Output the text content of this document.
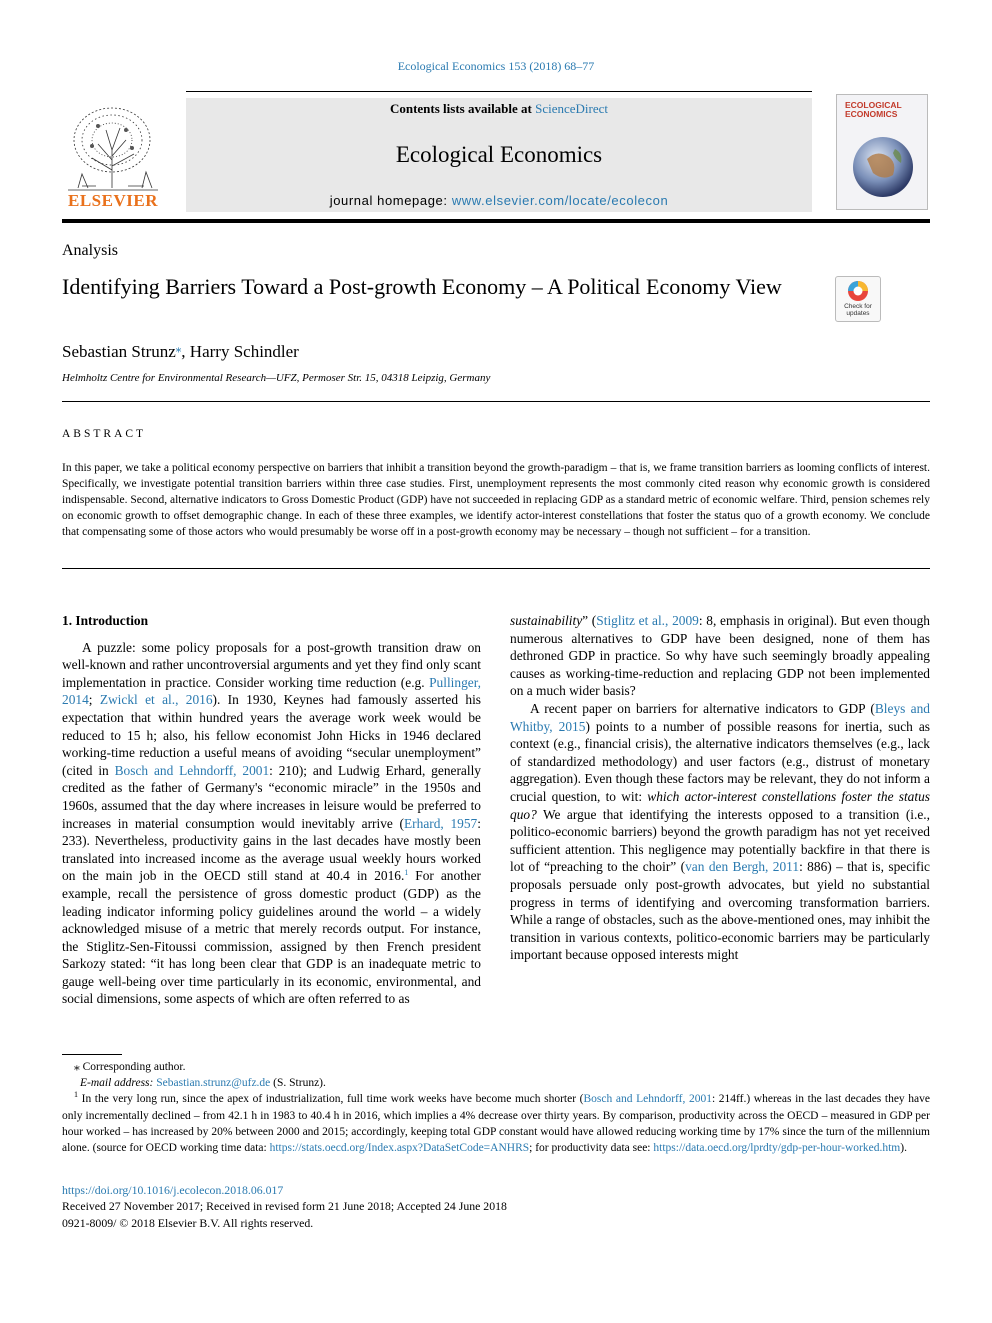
Ecological Economics 153 (2018) 68–77
ELSEVIER
Contents lists available at ScienceDirect
Ecological Economics
journal homepage: www.elsevier.com/locate/ecolecon
ECOLOGICAL
ECONOMICS
Analysis
Identifying Barriers Toward a Post-growth Economy – A Political Economy View
Check for
updates
Sebastian Strunz⁎, Harry Schindler
Helmholtz Centre for Environmental Research—UFZ, Permoser Str. 15, 04318 Leipzig, Germany
ABSTRACT
In this paper, we take a political economy perspective on barriers that inhibit a transition beyond the growth-paradigm – that is, we frame transition barriers as looming conflicts of interest. Specifically, we investigate potential transition barriers within three case studies. First, unemployment represents the most commonly cited reason why economic growth is considered indispensable. Second, alternative indicators to Gross Domestic Product (GDP) have not succeeded in replacing GDP as a standard metric of economic welfare. Third, pension schemes rely on economic growth to offset demographic change. In each of these three examples, we identify actor-interest constellations that foster the status quo of a growth economy. We conclude that compensating some of those actors who would presumably be worse off in a post-growth economy may be necessary – though not sufficient – for a transition.
1. Introduction

A puzzle: some policy proposals for a post-growth transition draw on well-known and rather uncontroversial arguments and yet they find only scant implementation in practice. Consider working time reduction (e.g. Pullinger, 2014; Zwickl et al., 2016). In 1930, Keynes had famously asserted his expectation that within hundred years the average work week would be reduced to 15 h; also, his fellow economist John Hicks in 1946 declared working-time reduction a useful means of avoiding “secular unemployment” (cited in Bosch and Lehndorff, 2001: 210); and Ludwig Erhard, generally credited as the father of Germany's “economic miracle” in the 1950s and 1960s, assumed that the day where increases in leisure would be preferred to increases in material consumption would inevitably arrive (Erhard, 1957: 233). Nevertheless, productivity gains in the last decades have mostly been translated into increased income as the average usual weekly hours worked on the main job in the OECD still stand at 40.4 in 2016.$^1$ For another example, recall the persistence of gross domestic product (GDP) as the leading indicator informing policy guidelines around the world – a widely acknowledged misuse of a metric that merely records output. For instance, the Stiglitz-Sen-Fitoussi commission, assigned by then French president Sarkozy stated: “it has long been clear that GDP is an inadequate metric to gauge well-being over time particularly in its economic, environmental, and social dimensions, some aspects of which are often referred to as

sustainability” (Stiglitz et al., 2009: 8, emphasis in original). But even though numerous alternatives to GDP have been designed, none of them has dethroned GDP in practice. So why have such seemingly broadly appealing causes as working-time-reduction and replacing GDP not been implemented on a much wider basis?

A recent paper on barriers for alternative indicators to GDP (Bleys and Whitby, 2015) points to a number of possible reasons for inertia, such as context (e.g., financial crisis), the alternative indicators themselves (e.g., lack of standardized methodology) and user factors (e.g., distrust of monetary aggregation). Even though these factors may be relevant, they do not inform a crucial question, to wit: which actor-interest constellations foster the status quo? We argue that identifying the interests opposed to a transition (i.e., politico-economic barriers) beyond the growth paradigm has not yet received sufficient attention. This negligence may potentially backfire in that there is lot of “preaching to the choir” (van den Bergh, 2011: 886) – that is, specific proposals persuade only post-growth advocates, but yield no substantial progress in terms of identifying and overcoming transformation barriers. While a range of obstacles, such as the above-mentioned ones, may inhibit the transition in various contexts, politico-economic barriers may be particularly important because opposed interests might

⁎ Corresponding author.

E-mail address: Sebastian.strunz@ufz.de (S. Strunz).

$^1$ In the very long run, since the apex of industrialization, full time work weeks have become much shorter (Bosch and Lehndorff, 2001: 214ff.) whereas in the last decades they have only incrementally declined – from 42.1 h in 1983 to 40.4 h in 2016, which implies a 4% decrease over thirty years. By comparison, productivity across the OECD – measured in GDP per hour worked – has increased by 20% between 2000 and 2015; accordingly, keeping total GDP constant would have allowed reducing working time by 17% since the turn of the millennium alone. (source for OECD working time data: https://stats.oecd.org/Index.aspx?DataSetCode=ANHRS; for productivity data see: https://data.oecd.org/lprdty/gdp-per-hour-worked.htm).

https://doi.org/10.1016/j.ecolecon.2018.06.017
Received 27 November 2017; Received in revised form 21 June 2018; Accepted 24 June 2018
0921-8009/ © 2018 Elsevier B.V. All rights reserved.
